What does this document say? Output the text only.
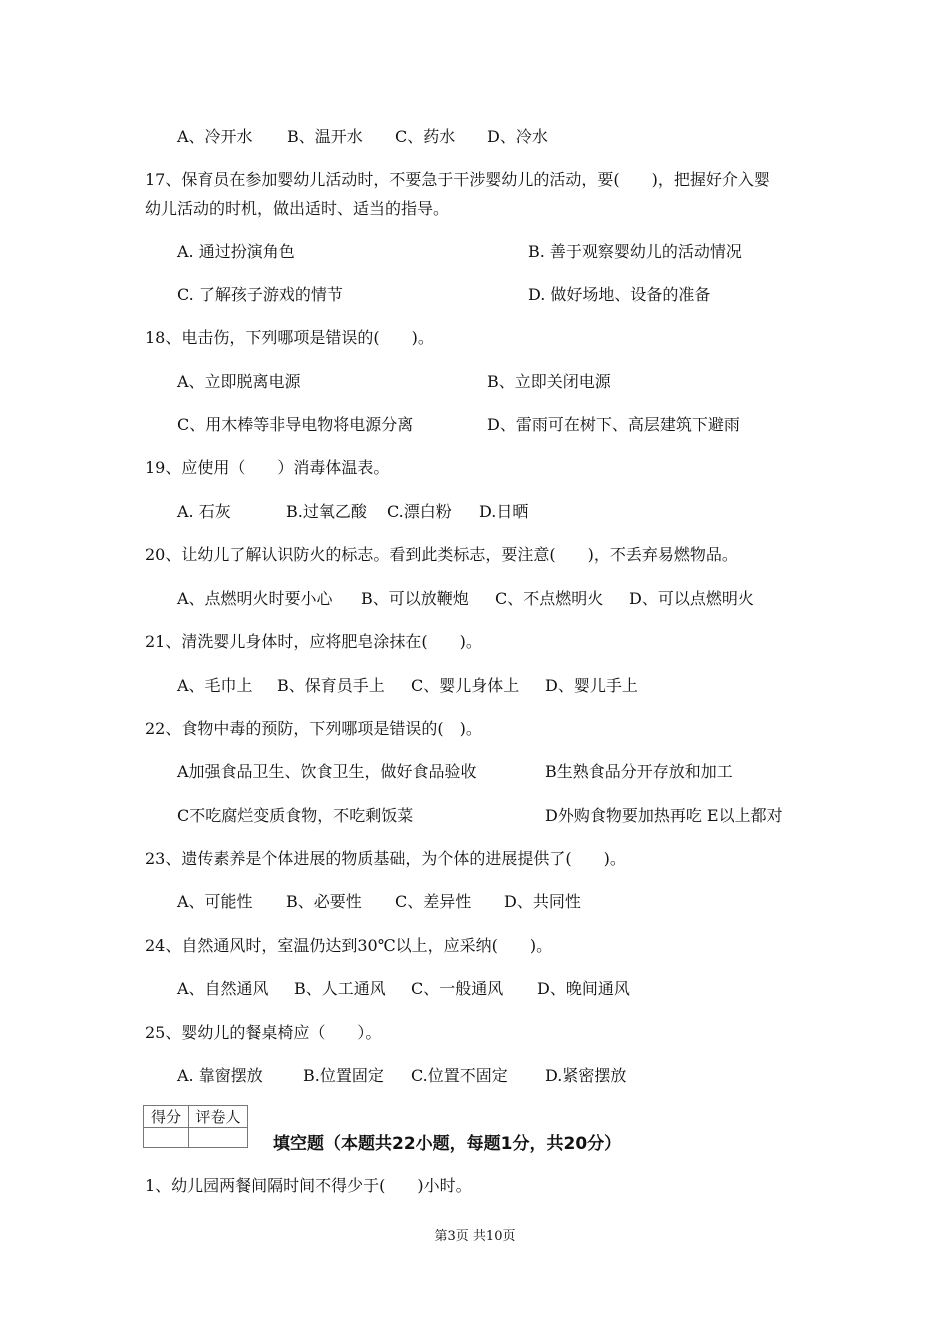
A、冷开水 B、温开水 C、药水 D、冷水
17、保育员在参加婴幼儿活动时，不要急于干涉婴幼儿的活动，要(　　)，把握好介入婴
幼儿活动的时机，做出适时、适当的指导。
A. 通过扮演角色	B. 善于观察婴幼儿的活动情况
C. 了解孩子游戏的情节	D. 做好场地、设备的准备
18、电击伤，下列哪项是错误的(　　)。
A、立即脱离电源	B、立即关闭电源
C、用木棒等非导电物将电源分离	D、雷雨可在树下、高层建筑下避雨
19、应使用（　　）消毒体温表。
A. 石灰	B.过氧乙酸 C.漂白粉 D.日晒
20、让幼儿了解认识防火的标志。看到此类标志，要注意(　　)，不丢弃易燃物品。
A、点燃明火时要小心 B、可以放鞭炮 C、不点燃明火 D、可以点燃明火
21、清洗婴儿身体时，应将肥皂涂抹在(　　)。
A、毛巾上 B、保育员手上 C、婴儿身体上 D、婴儿手上
22、食物中毒的预防，下列哪项是错误的(　)。
A加强食品卫生、饮食卫生，做好食品验收	B生熟食品分开存放和加工
C不吃腐烂变质食物，不吃剩饭菜	D外购食物要加热再吃 E以上都对
23、遗传素养是个体进展的物质基础，为个体的进展提供了(　　)。
A、可能性 B、必要性 C、差异性 D、共同性
24、自然通风时，室温仍达到30℃以上，应采纳(　　)。
A、自然通风 B、人工通风 C、一般通风 D、晚间通风
25、婴幼儿的餐桌椅应（　　）。
A. 靠窗摆放	B.位置固定 C.位置不固定 D.紧密摆放
得分	评卷人

填空题（本题共22小题，每题1分，共20分）
1、幼儿园两餐间隔时间不得少于(　　)小时。
第3页 共10页
